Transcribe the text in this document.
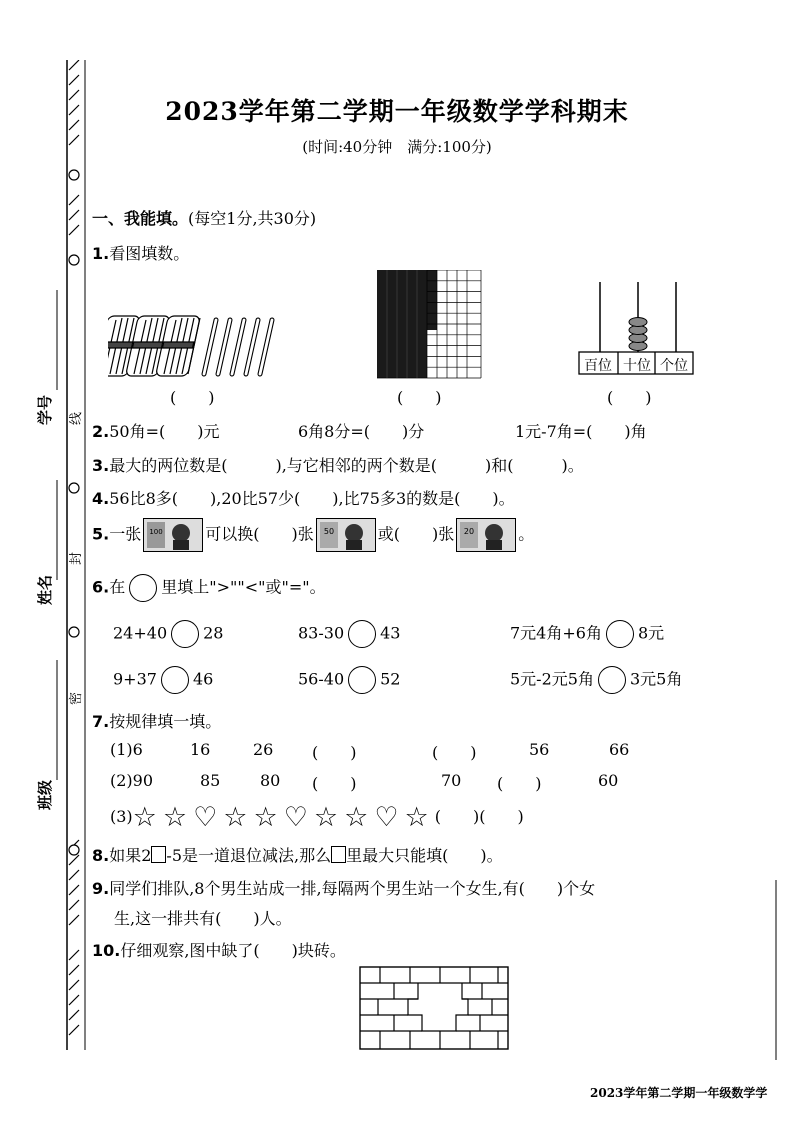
学号
姓名
班级
线
封
密
2023学年第二学期一年级数学学科期末
(时间:40分钟　满分:100分)
一、我能填。(每空1分,共30分)
1.看图填数。
(　　)	(　　)
百位 十位 个位
(　　)
2.50角=(　　)元	6角8分=(　　)分	1元-7角=(　　)角
3.最大的两位数是(　　　),与它相邻的两个数是(　　　)和(　　　)。
4.56比8多(　　),20比57少(　　),比75多3的数是(　　)。
5.一张 100	可以换(　　)张 50	或(　　)张 20	。
6.在 里填上">""<"或"="。
24+40 28	83-30 43	7元4角+6角 8元
9+37 46	56-40 52	5元-2元5角 3元5角
7.按规律填一填。
(1)6	16	26 (　　)	(　　)	56	66
(2)90	85 80 (　　)	70 (　　)	60
(3)☆☆♡☆☆♡☆☆♡☆(　　)(　　)
8.如果2 -5是一道退位减法,那么 里最大只能填(　　)。
9.同学们排队,8个男生站成一排,每隔两个男生站一个女生,有(　　)个女
生,这一排共有(　　)人。
10.仔细观察,图中缺了(　　)块砖。
2023学年第二学期一年级数学学
